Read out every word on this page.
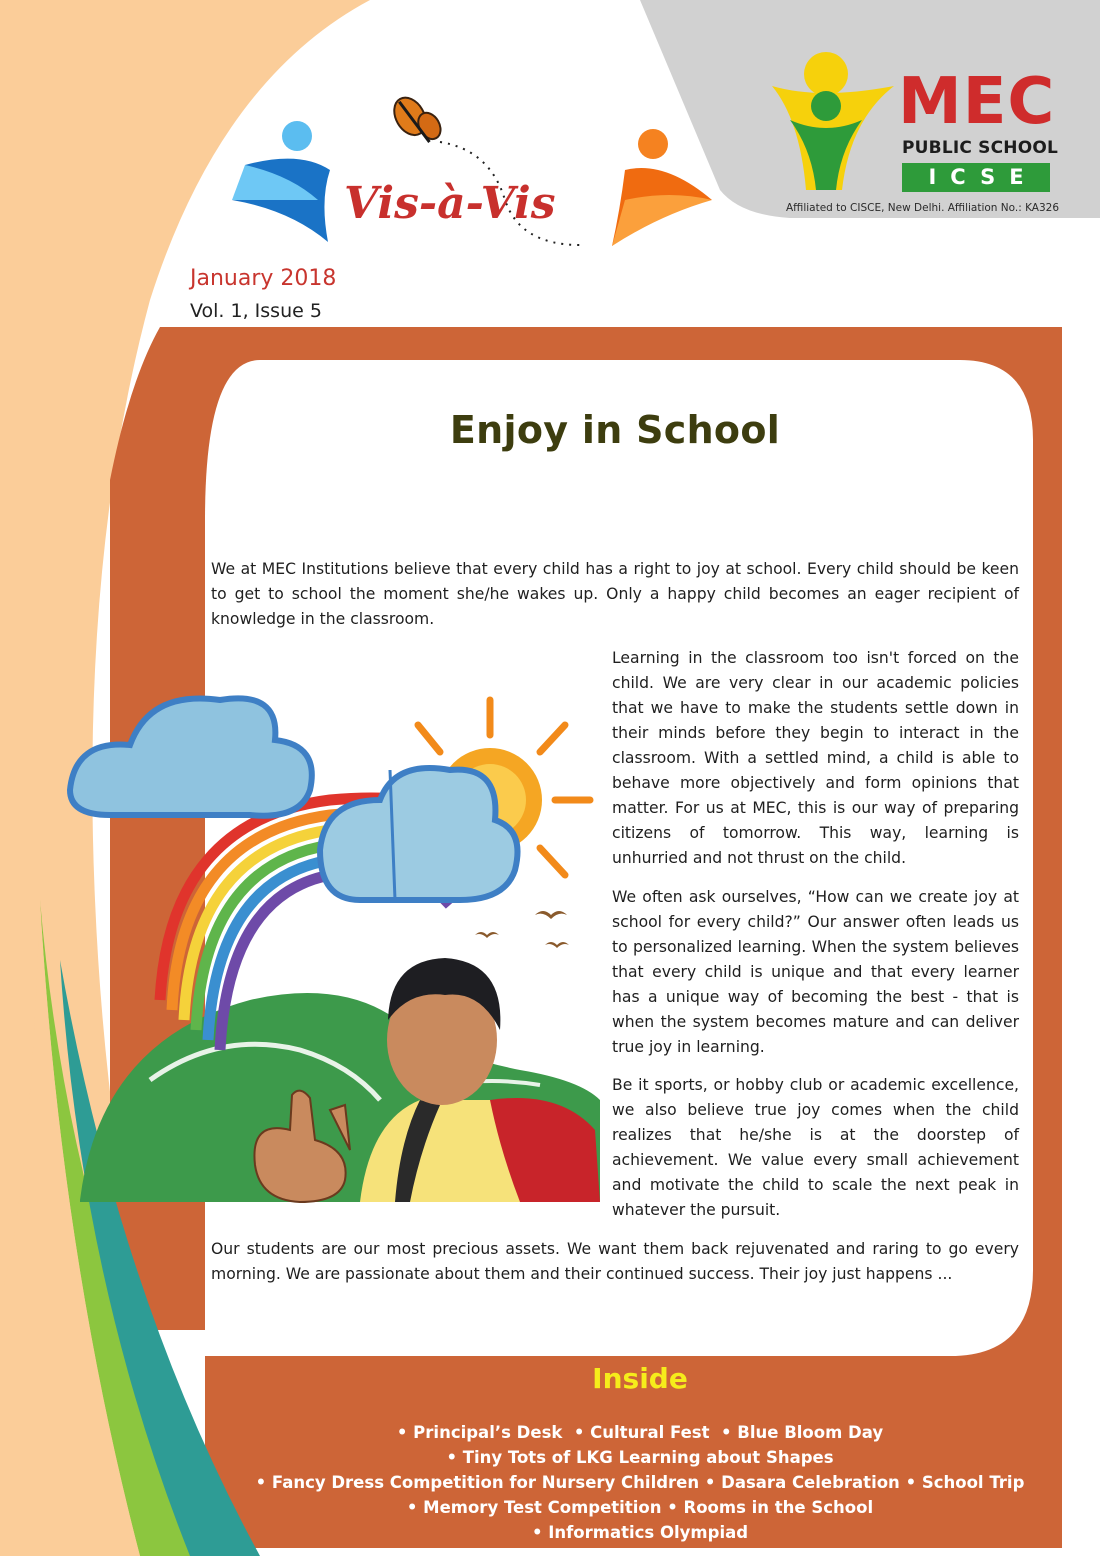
Vis-à-Vis
MEC
PUBLIC SCHOOL
ICSE
Affiliated to CISCE, New Delhi. Affiliation No.: KA326
January 2018
Vol. 1, Issue 5
Enjoy in School

We at MEC Institutions believe that every child has a right to joy at school. Every child should be keen to get to school the moment she/he wakes up. Only a happy child becomes an eager recipient of knowledge in the classroom.

Learning in the classroom too isn't forced on the child. We are very clear in our academic policies that we have to make the students settle down in their minds before they begin to interact in the classroom. With a settled mind, a child is able to behave more objectively and form opinions that matter. For us at MEC, this is our way of preparing citizens of tomorrow. This way, learning is unhurried and not thrust on the child.

We often ask ourselves, “How can we create joy at school for every child?” Our answer often leads us to personalized learning. When the system believes that every child is unique and that every learner has a unique way of becoming the best - that is when the system becomes mature and can deliver true joy in learning.

Be it sports, or hobby club or academic excellence, we also believe true joy comes when the child realizes that he/she is at the doorstep of achievement. We value every small achievement and motivate the child to scale the next peak in whatever the pursuit.

Our students are our most precious assets. We want them back rejuvenated and raring to go every morning. We are passionate about them and their continued success. Their joy just happens ...

Inside
• Principal’s Desk • Cultural Fest • Blue Bloom Day • Tiny Tots of LKG Learning about Shapes • Fancy Dress Competition for Nursery Children • Dasara Celebration • School Trip • Memory Test Competition • Rooms in the School
• Informatics Olympiad
